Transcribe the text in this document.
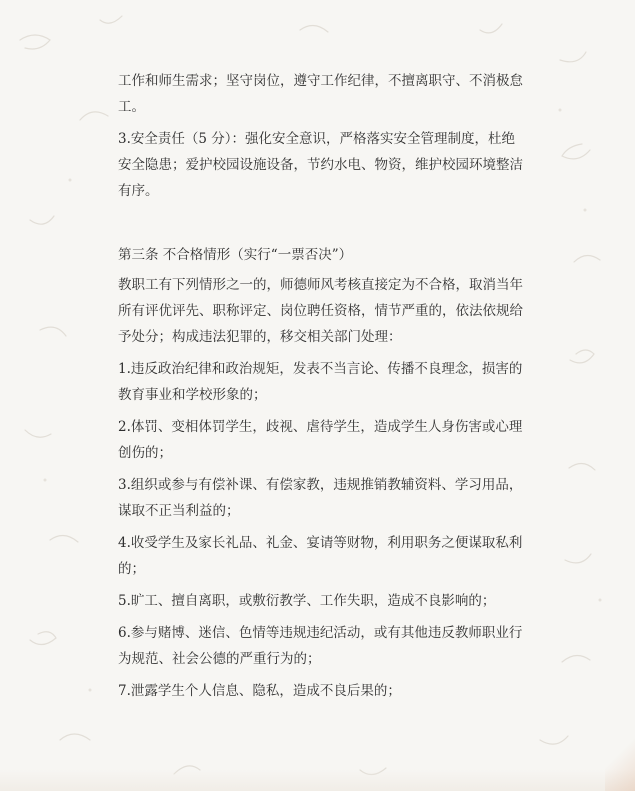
工作和师生需求；坚守岗位，遵守工作纪律，不擅离职守、不消极怠工。

3.安全责任（5 分）：强化安全意识，严格落实安全管理制度，杜绝安全隐患；爱护校园设施设备，节约水电、物资，维护校园环境整洁有序。

第三条 不合格情形（实行“一票否决”）

教职工有下列情形之一的，师德师风考核直接定为不合格，取消当年所有评优评先、职称评定、岗位聘任资格，情节严重的，依法依规给予处分；构成违法犯罪的，移交相关部门处理：

1.违反政治纪律和政治规矩，发表不当言论、传播不良理念，损害的教育事业和学校形象的；

2.体罚、变相体罚学生，歧视、虐待学生，造成学生人身伤害或心理创伤的；

3.组织或参与有偿补课、有偿家教，违规推销教辅资料、学习用品，谋取不正当利益的；

4.收受学生及家长礼品、礼金、宴请等财物，利用职务之便谋取私利的；

5.旷工、擅自离职，或敷衍教学、工作失职，造成不良影响的；

6.参与赌博、迷信、色情等违规违纪活动，或有其他违反教师职业行为规范、社会公德的严重行为的；

7.泄露学生个人信息、隐私，造成不良后果的；
